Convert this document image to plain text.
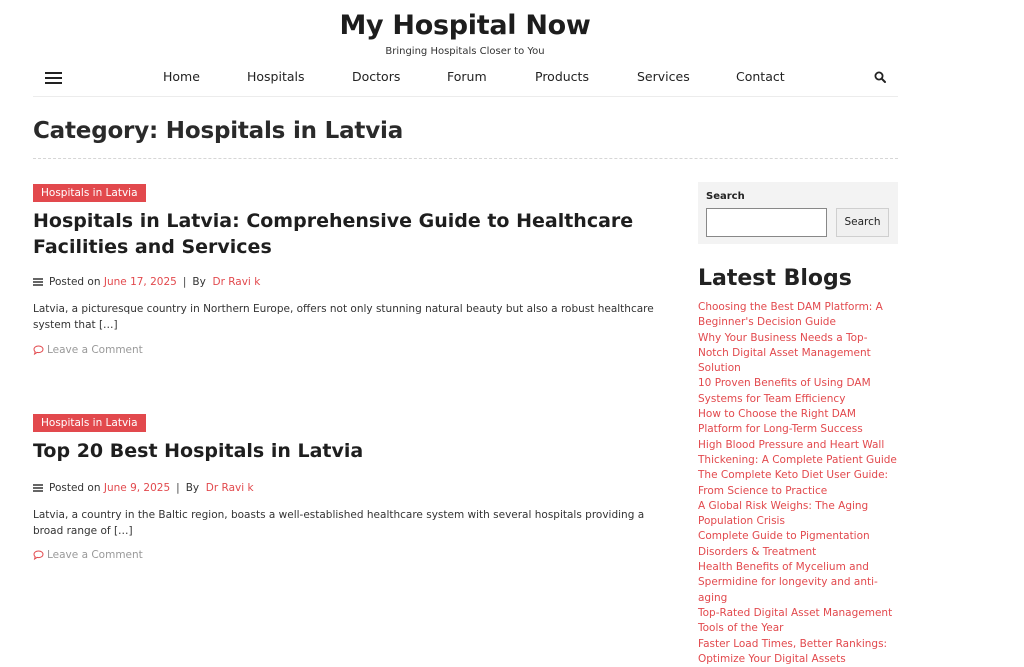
My Hospital Now
Bringing Hospitals Closer to You
Home	Hospitals	Doctors	Forum	Products	Services	Contact
Category: Hospitals in Latvia
Hospitals in Latvia
Hospitals in Latvia: Comprehensive Guide to Healthcare Facilities and Services
Posted on
June 17, 2025 | By
Dr Ravi k

Latvia, a picturesque country in Northern Europe, offers not only stunning natural beauty but also a robust healthcare system that […]

Leave a Comment
Hospitals in Latvia
Top 20 Best Hospitals in Latvia
Posted on
June 9, 2025 | By
Dr Ravi k

Latvia, a country in the Baltic region, boasts a well-established healthcare system with several hospitals providing a broad range of […]

Leave a Comment
Search
Search
Latest Blogs
Choosing the Best DAM Platform: A Beginner's Decision Guide
Why Your Business Needs a Top-Notch Digital Asset Management Solution
10 Proven Benefits of Using DAM Systems for Team Efficiency
How to Choose the Right DAM Platform for Long-Term Success
High Blood Pressure and Heart Wall Thickening: A Complete Patient Guide
The Complete Keto Diet User Guide: From Science to Practice
A Global Risk Weighs: The Aging Population Crisis
Complete Guide to Pigmentation Disorders & Treatment
Health Benefits of Mycelium and Spermidine for longevity and anti-aging
Top-Rated Digital Asset Management Tools of the Year
Faster Load Times, Better Rankings: Optimize Your Digital Assets
